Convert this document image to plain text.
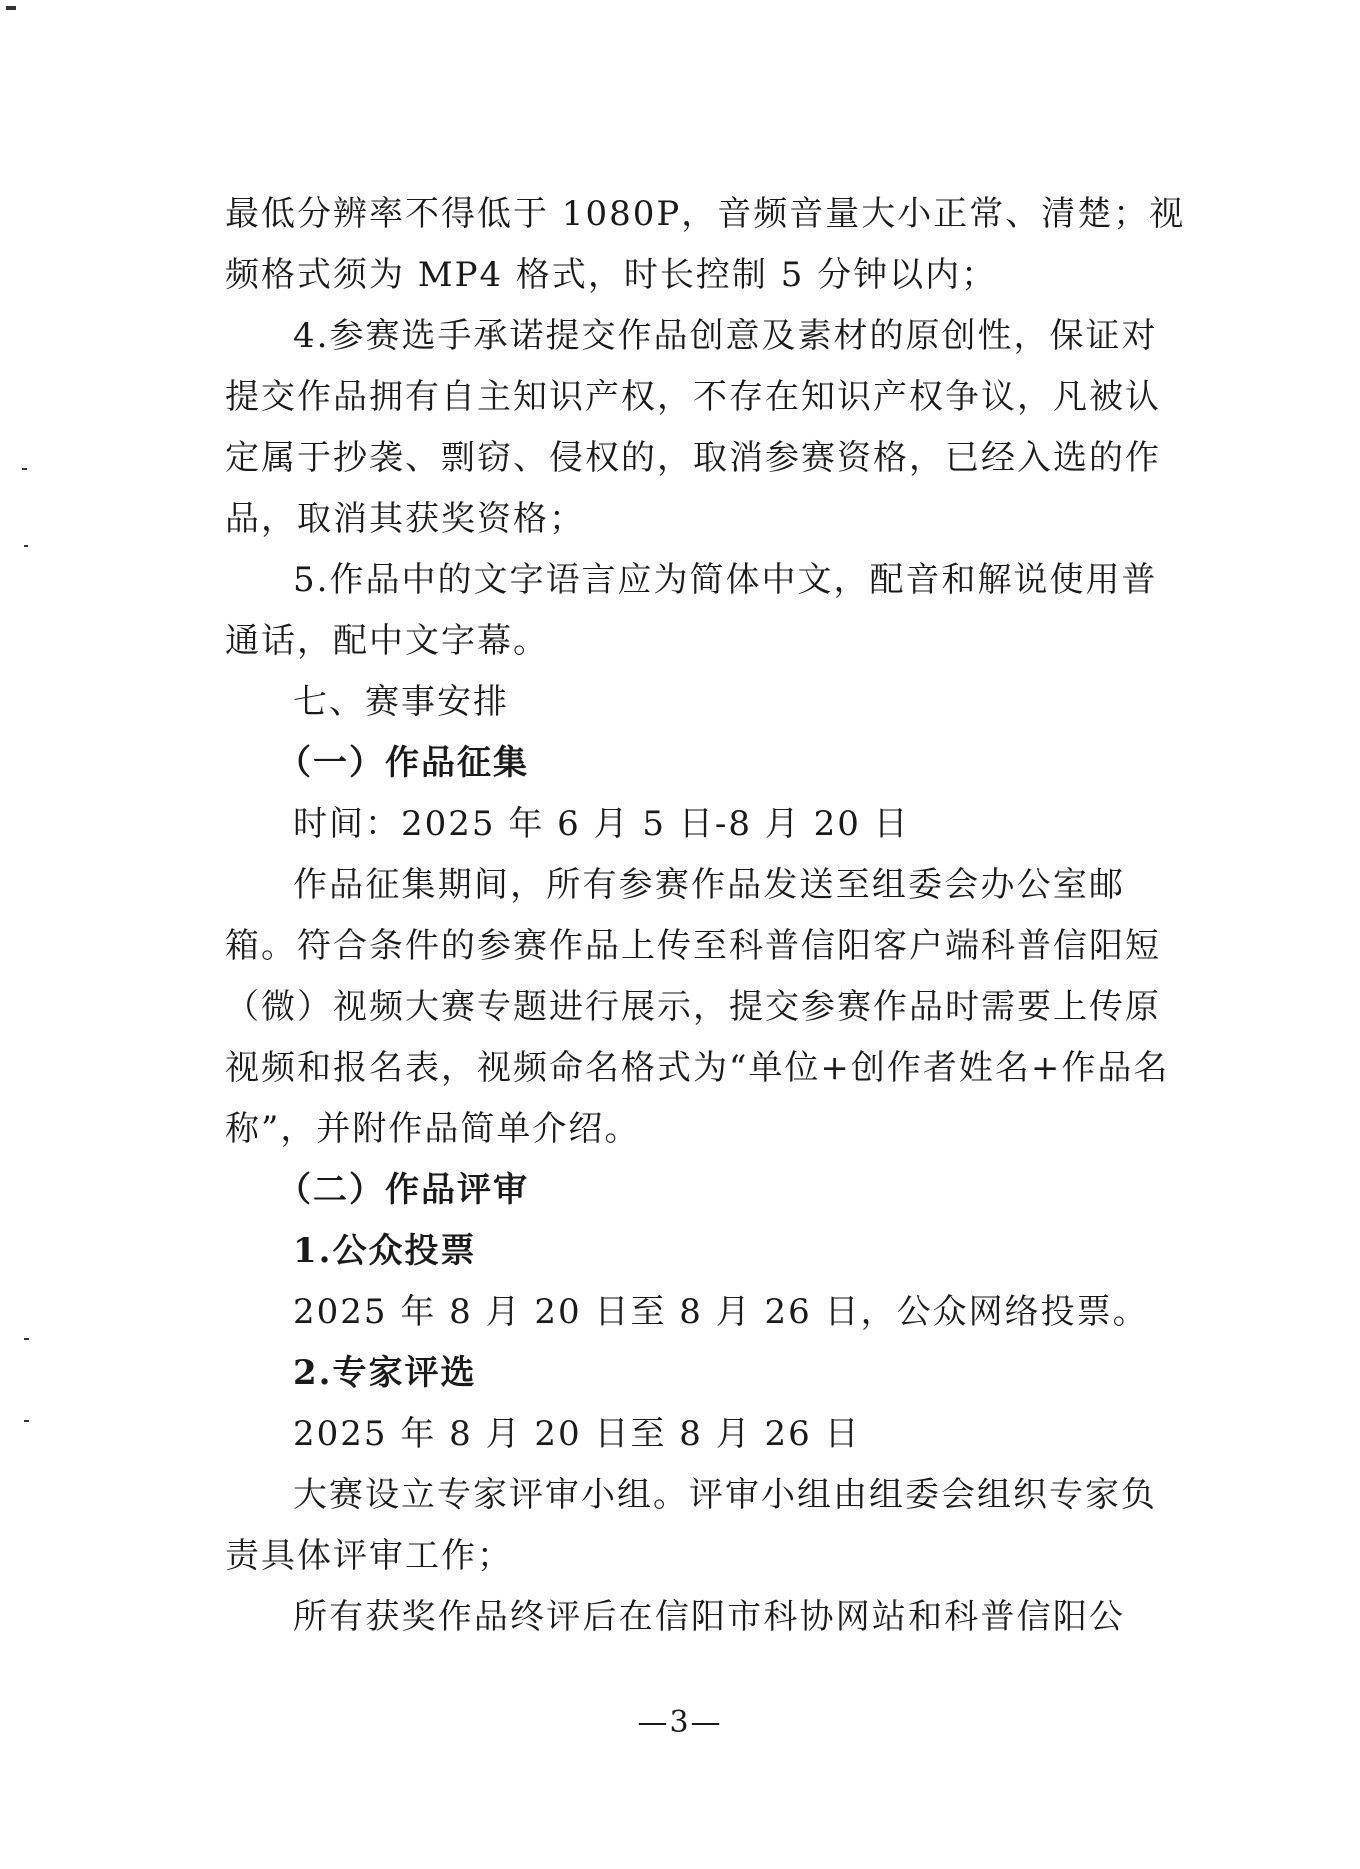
最低分辨率不得低于 1080P，音频音量大小正常、清楚；视
频格式须为 MP4 格式，时长控制 5 分钟以内；
4.参赛选手承诺提交作品创意及素材的原创性，保证对
提交作品拥有自主知识产权，不存在知识产权争议，凡被认
定属于抄袭、剽窃、侵权的，取消参赛资格，已经入选的作
品，取消其获奖资格；
5.作品中的文字语言应为简体中文，配音和解说使用普
通话，配中文字幕。
七、赛事安排
（一）作品征集
时间：2025 年 6 月 5 日-8 月 20 日
作品征集期间，所有参赛作品发送至组委会办公室邮
箱。符合条件的参赛作品上传至科普信阳客户端科普信阳短
（微）视频大赛专题进行展示，提交参赛作品时需要上传原
视频和报名表，视频命名格式为“单位+创作者姓名+作品名
称”，并附作品简单介绍。
（二）作品评审
1.公众投票
2025 年 8 月 20 日至 8 月 26 日，公众网络投票。
2.专家评选
2025 年 8 月 20 日至 8 月 26 日
大赛设立专家评审小组。评审小组由组委会组织专家负
责具体评审工作；
所有获奖作品终评后在信阳市科协网站和科普信阳公
—3—
